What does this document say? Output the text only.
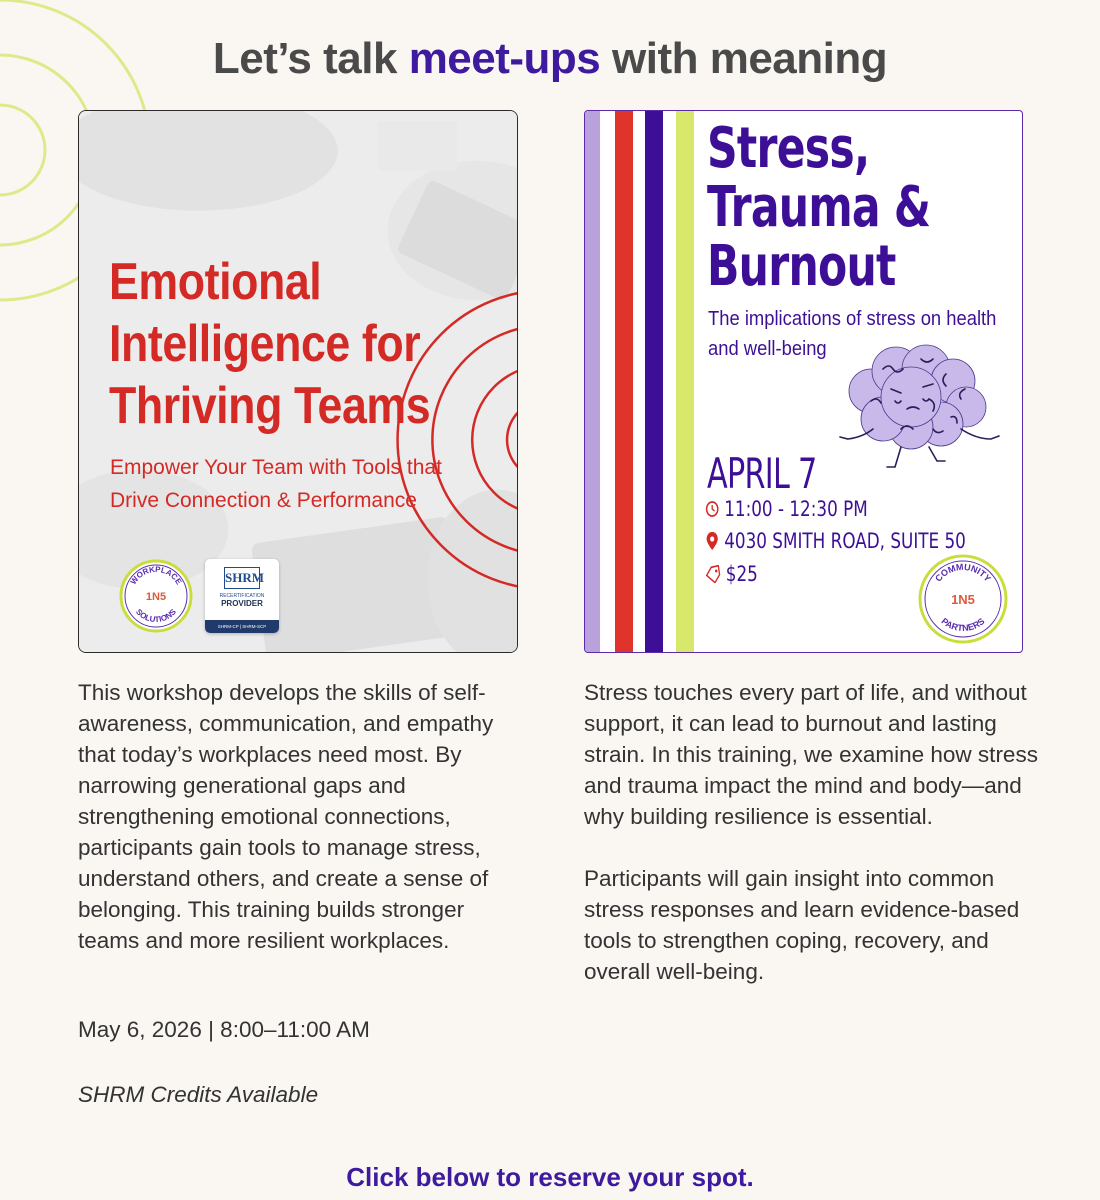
Let’s talk meet-ups with meaning
Emotional
Intelligence for
Thriving Teams
Empower Your Team with Tools that Drive Connection & Performance
WORKPLACE
SOLUTIONS
1N5
SHRM
RECERTIFICATION
PROVIDER
SHRM-CP | SHRM-SCP
Stress,
Trauma &
Burnout
The implications of stress on health and well-being
APRIL 7
11:00 - 12:30 PM
4030 SMITH ROAD, SUITE 50
$25	COMMUNITY
PARTNERS
1N5

This workshop develops the skills of self-awareness, communication, and empathy that today’s workplaces need most. By narrowing generational gaps and strengthening emotional connections, participants gain tools to manage stress, understand others, and create a sense of belonging. This training builds stronger teams and more resilient workplaces.

May 6, 2026 | 8:00–11:00 AM
SHRM Credits Available

Stress touches every part of life, and without support, it can lead to burnout and lasting strain. In this training, we examine how stress and trauma impact the mind and body—and why building resilience is essential.

Participants will gain insight into common stress responses and learn evidence-based tools to strengthen coping, recovery, and overall well-being.

Click below to reserve your spot.
